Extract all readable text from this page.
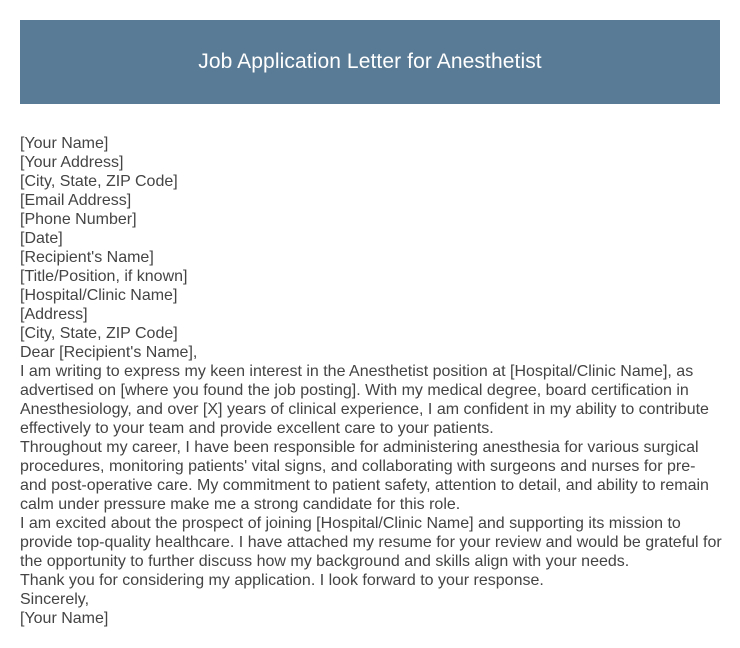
Job Application Letter for Anesthetist

[Your Name]

[Your Address]

[City, State, ZIP Code]

[Email Address]

[Phone Number]

[Date]

[Recipient's Name]

[Title/Position, if known]

[Hospital/Clinic Name]

[Address]

[City, State, ZIP Code]

Dear [Recipient's Name],

I am writing to express my keen interest in the Anesthetist position at [Hospital/Clinic Name], as advertised on [where you found the job posting]. With my medical degree, board certification in Anesthesiology, and over [X] years of clinical experience, I am confident in my ability to contribute effectively to your team and provide excellent care to your patients.

Throughout my career, I have been responsible for administering anesthesia for various surgical procedures, monitoring patients' vital signs, and collaborating with surgeons and nurses for pre- and post-operative care. My commitment to patient safety, attention to detail, and ability to remain calm under pressure make me a strong candidate for this role.

I am excited about the prospect of joining [Hospital/Clinic Name] and supporting its mission to provide top-quality healthcare. I have attached my resume for your review and would be grateful for the opportunity to further discuss how my background and skills align with your needs.

Thank you for considering my application. I look forward to your response.

Sincerely,

[Your Name]
